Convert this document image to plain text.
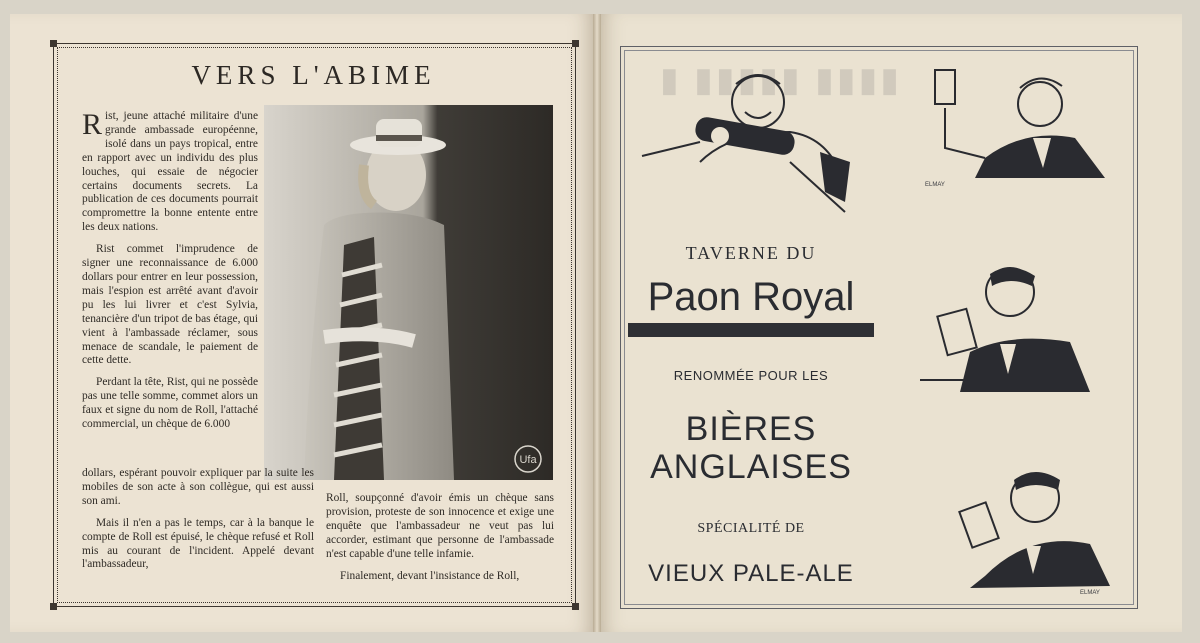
VERS L'ABIME

Rist, jeune attaché militaire d'une grande ambassade européenne, isolé dans un pays tropical, entre en rapport avec un individu des plus louches, qui essaie de négocier certains documents secrets. La publication de ces documents pourrait compromettre la bonne entente entre les deux nations.

Rist commet l'imprudence de signer une reconnaissance de 6.000 dollars pour entrer en leur possession, mais l'espion est arrêté avant d'avoir pu les lui livrer et c'est Sylvia, tenancière d'un tripot de bas étage, qui vient à l'ambassade réclamer, sous menace de scandale, le paiement de cette dette.

Perdant la tête, Rist, qui ne possède pas une telle somme, commet alors un faux et signe du nom de Roll, l'attaché commercial, un chèque de 6.000

Ufa

dollars, espérant pouvoir expliquer par la suite les mobiles de son acte à son collègue, qui est aussi son ami.

Mais il n'en a pas le temps, car à la banque le compte de Roll est épuisé, le chèque refusé et Roll mis au courant de l'incident. Appelé devant l'ambassadeur,

Roll, soupçonné d'avoir émis un chèque sans provision, proteste de son innocence et exige une enquête que l'ambassadeur ne veut pas lui accorder, estimant que personne de l'ambassade n'est capable d'une telle infamie.

Finalement, devant l'insistance de Roll,

▮ ▮▮▮▮▮ ▮▮▮▮
TAVERNE DU
Paon Royal
RENOMMÉE POUR LES
BIÈRES
ANGLAISES
SPÉCIALITÉ DE
VIEUX PALE-ALE
ELMAY
ELMAY
